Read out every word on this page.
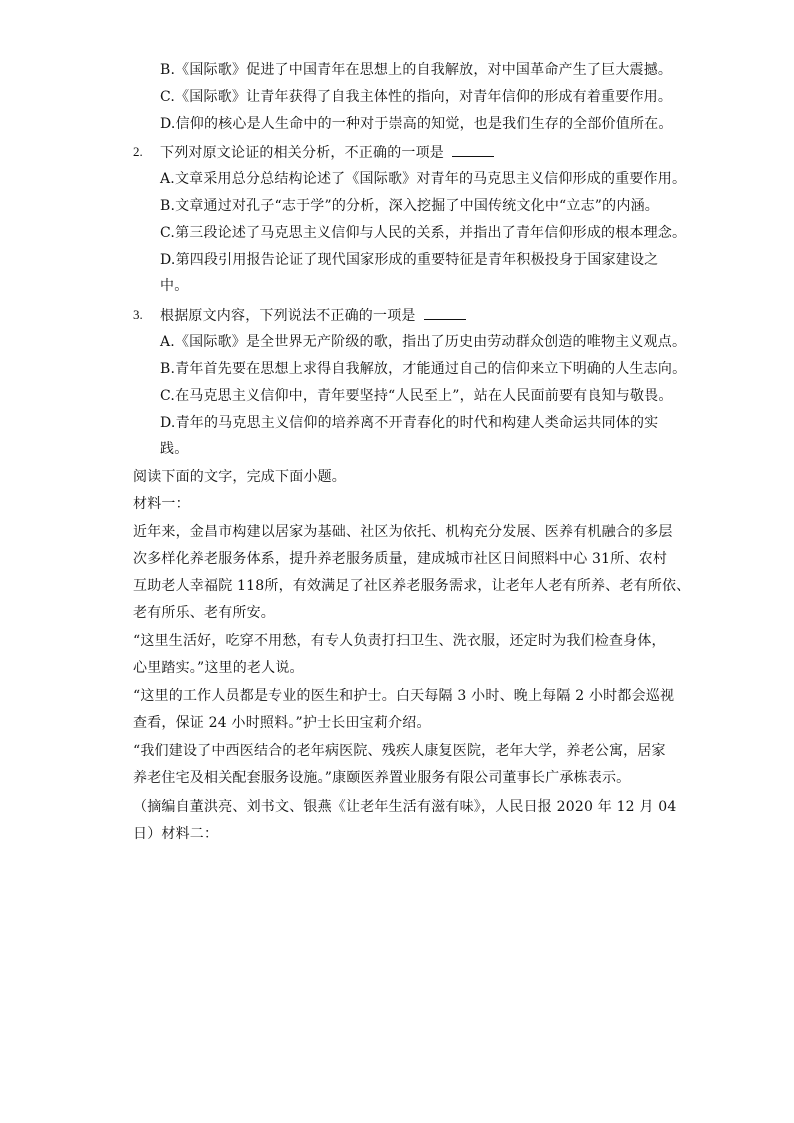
B.《国际歌》促进了中国青年在思想上的自我解放，对中国革命产生了巨大震撼。
C.《国际歌》让青年获得了自我主体性的指向，对青年信仰的形成有着重要作用。
D.信仰的核心是人生命中的一种对于崇高的知觉，也是我们生存的全部价值所在。
2. 下列对原文论证的相关分析，不正确的一项是
A.文章采用总分总结构论述了《国际歌》对青年的马克思主义信仰形成的重要作用。
B.文章通过对孔子“志于学”的分析，深入挖掘了中国传统文化中“立志”的内涵。
C.第三段论述了马克思主义信仰与人民的关系，并指出了青年信仰形成的根本理念。
D.第四段引用报告论证了现代国家形成的重要特征是青年积极投身于国家建设之
中。
3. 根据原文内容，下列说法不正确的一项是
A.《国际歌》是全世界无产阶级的歌，指出了历史由劳动群众创造的唯物主义观点。
B.青年首先要在思想上求得自我解放，才能通过自己的信仰来立下明确的人生志向。
C.在马克思主义信仰中，青年要坚持“人民至上”，站在人民面前要有良知与敬畏。
D.青年的马克思主义信仰的培养离不开青春化的时代和构建人类命运共同体的实
践。
阅读下面的文字，完成下面小题。
材料一：
近年来，金昌市构建以居家为基础、社区为依托、机构充分发展、医养有机融合的多层
次多样化养老服务体系，提升养老服务质量，建成城市社区日间照料中心 31所、农村
互助老人幸福院 118所，有效满足了社区养老服务需求，让老年人老有所养、老有所依、
老有所乐、老有所安。
“这里生活好，吃穿不用愁，有专人负责打扫卫生、洗衣服，还定时为我们检查身体，
心里踏实。”这里的老人说。
“这里的工作人员都是专业的医生和护士。白天每隔 3 小时、晚上每隔 2 小时都会巡视
查看，保证 24 小时照料。”护士长田宝莉介绍。
“我们建设了中西医结合的老年病医院、残疾人康复医院，老年大学，养老公寓，居家
养老住宅及相关配套服务设施。”康颐医养置业服务有限公司董事长广承栋表示。
（摘编自董洪亮、刘书文、银燕《让老年生活有滋有味》，人民日报 2020 年 12 月 04
日）材料二：
